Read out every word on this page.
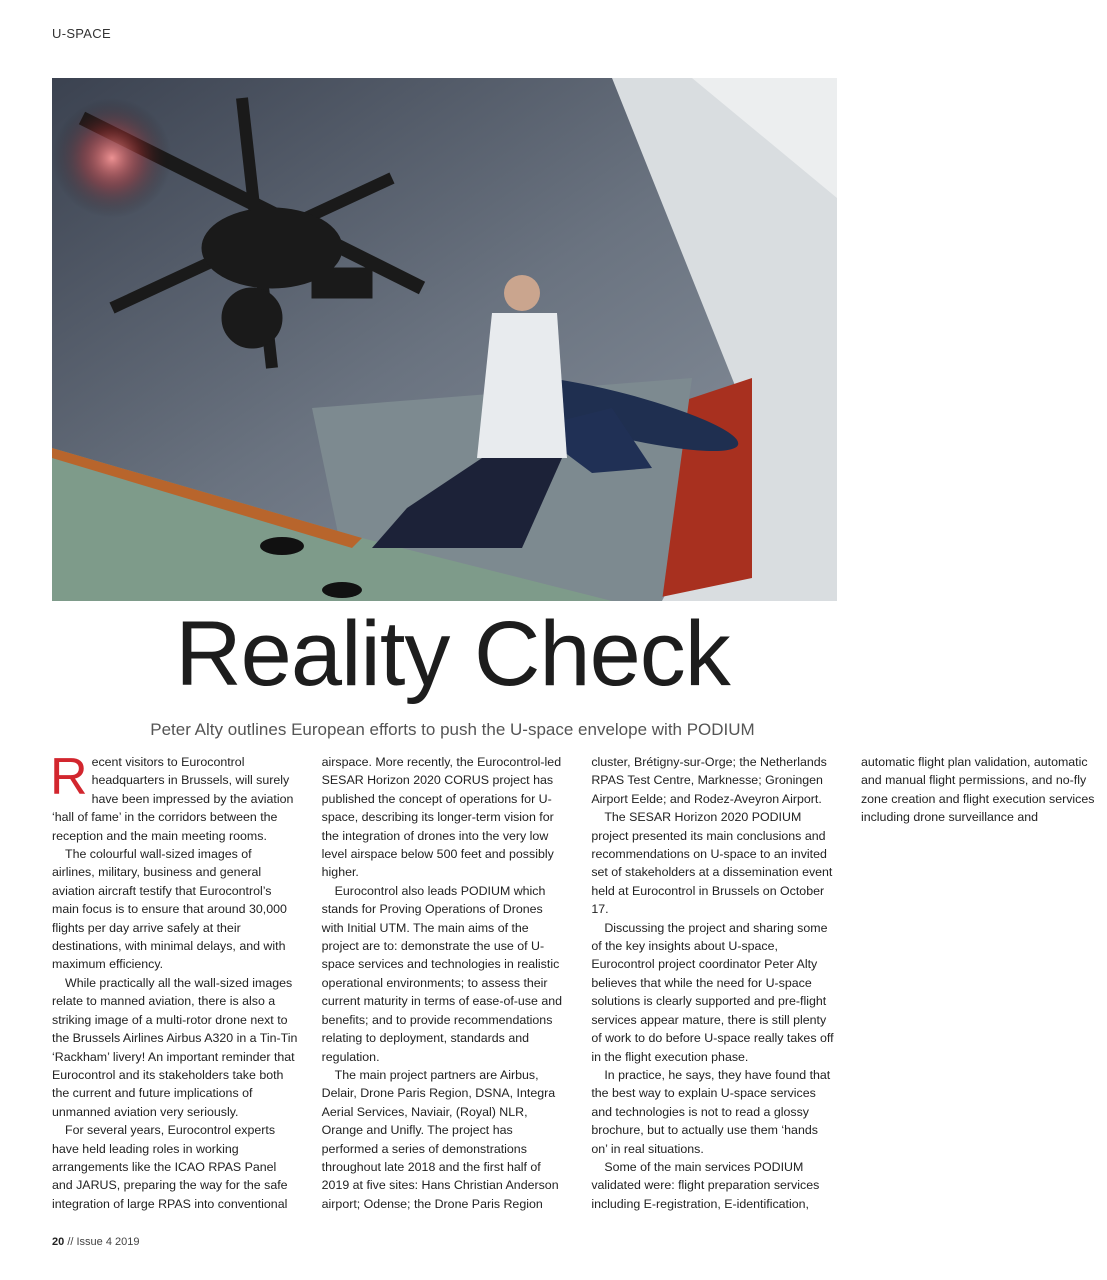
U-SPACE
Reality Check
Peter Alty outlines European efforts to push the U-space envelope with PODIUM

Recent visitors to Eurocontrol headquarters in Brussels, will surely have been impressed by the aviation ‘hall of fame’ in the corridors between the reception and the main meeting rooms.

The colourful wall-sized images of airlines, military, business and general aviation aircraft testify that Eurocontrol’s main focus is to ensure that around 30,000 flights per day arrive safely at their destinations, with minimal delays, and with maximum efficiency.

While practically all the wall-sized images relate to manned aviation, there is also a striking image of a multi-rotor drone next to the Brussels Airlines Airbus A320 in a Tin-Tin ‘Rackham’ livery! An important reminder that Eurocontrol and its stakeholders take both the current and future implications of unmanned aviation very seriously.

For several years, Eurocontrol experts have held leading roles in working arrangements like the ICAO RPAS Panel and JARUS, preparing the way for the safe integration of large RPAS into conventional airspace. More recently, the Eurocontrol-led SESAR Horizon 2020 CORUS project has published the concept of operations for U-space, describing its longer-term vision for the integration of drones into the very low level airspace below 500 feet and possibly higher.

Eurocontrol also leads PODIUM which stands for Proving Operations of Drones with Initial UTM. The main aims of the project are to: demonstrate the use of U-space services and technologies in realistic operational environments; to assess their current maturity in terms of ease-of-use and benefits; and to provide recommendations relating to deployment, standards and regulation.

The main project partners are Airbus, Delair, Drone Paris Region, DSNA, Integra Aerial Services, Naviair, (Royal) NLR, Orange and Unifly. The project has performed a series of demonstrations throughout late 2018 and the first half of 2019 at five sites: Hans Christian Anderson airport; Odense; the Drone Paris Region cluster, Brétigny-sur-Orge; the Netherlands RPAS Test Centre, Marknesse; Groningen Airport Eelde; and Rodez-Aveyron Airport.

The SESAR Horizon 2020 PODIUM project presented its main conclusions and recommendations on U-space to an invited set of stakeholders at a dissemination event held at Eurocontrol in Brussels on October 17.

Discussing the project and sharing some of the key insights about U-space, Eurocontrol project coordinator Peter Alty believes that while the need for U-space solutions is clearly supported and pre-flight services appear mature, there is still plenty of work to do before U-space really takes off in the flight execution phase.

In practice, he says, they have found that the best way to explain U-space services and technologies is not to read a glossy brochure, but to actually use them ‘hands on’ in real situations.

Some of the main services PODIUM validated were: flight preparation services including E-registration, E-identification, automatic flight plan validation, automatic and manual flight permissions, and no-fly zone creation and flight execution services including drone surveillance and

20 // Issue 4 2019
